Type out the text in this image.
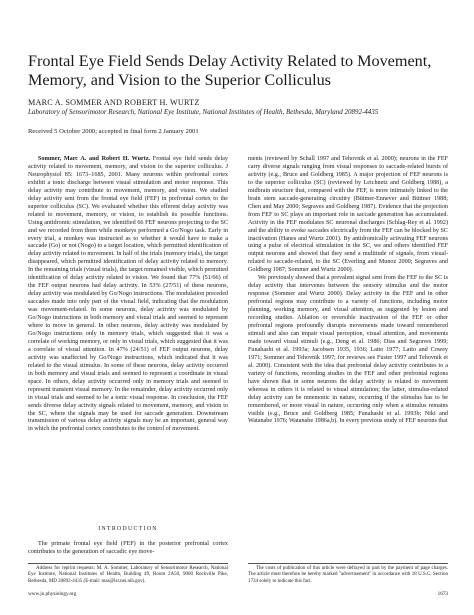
Frontal Eye Field Sends Delay Activity Related to Movement, Memory, and Vision to the Superior Colliculus

MARC A. SOMMER AND ROBERT H. WURTZ

Laboratory of Sensorimotor Research, National Eye Institute, National Institutes of Health, Bethesda, Maryland 20892-4435

Received 5 October 2000; accepted in final form 2 January 2001

Sommer, Marc A. and Robert H. Wurtz. Frontal eye field sends delay activity related to movement, memory, and vision to the superior colliculus. J Neurophysiol 85: 1673–1685, 2001. Many neurons within prefrontal cortex exhibit a tonic discharge between visual stimulation and motor response. This delay activity may contribute to movement, memory, and vision. We studied delay activity sent from the frontal eye field (FEF) in prefrontal cortex to the superior colliculus (SC). We evaluated whether this efferent delay activity was related to movement, memory, or vision, to establish its possible functions. Using antidromic stimulation, we identified 66 FEF neurons projecting to the SC and we recorded from them while monkeys performed a Go/Nogo task. Early in every trial, a monkey was instructed as to whether it would have to make a saccade (Go) or not (Nogo) to a target location, which permitted identification of delay activity related to movement. In half of the trials (memory trials), the target disappeared, which permitted identification of delay activity related to memory. In the remaining trials (visual trials), the target remained visible, which permitted identification of delay activity related to vision. We found that 77% (51/66) of the FEF output neurons had delay activity. In 53% (27/51) of these neurons, delay activity was modulated by Go/Nogo instructions. The modulation preceded saccades made into only part of the visual field, indicating that the modulation was movement-related. In some neurons, delay activity was modulated by Go/Nogo instructions in both memory and visual trials and seemed to represent where to move in general. In other neurons, delay activity was modulated by Go/Nogo instructions only in memory trials, which suggested that it was a correlate of working memory, or only in visual trials, which suggested that it was a correlate of visual attention. In 47% (24/51) of FEF output neurons, delay activity was unaffected by Go/Nogo instructions, which indicated that it was related to the visual stimulus. In some of these neurons, delay activity occurred in both memory and visual trials and seemed to represent a coordinate in visual space. In others, delay activity occurred only in memory trials and seemed to represent transient visual memory. In the remainder, delay activity occurred only in visual trials and seemed to be a tonic visual response. In conclusion, the FEF sends diverse delay activity signals related to movement, memory, and vision to the SC, where the signals may be used for saccade generation. Downstream transmission of various delay activity signals may be an important, general way in which the prefrontal cortex contributes to the control of movement.

INTRODUCTION

The primate frontal eye field (FEF) in the posterior prefrontal cortex contributes to the generation of saccadic eye move-

ments (reviewed by Schall 1997 and Tehovnik et al. 2000); neurons in the FEF carry diverse signals ranging from visual responses to saccade-related bursts of activity (e.g., Bruce and Goldberg 1985). A major projection of FEF neurons is to the superior colliculus (SC) (reviewed by Leichnetz and Goldberg 1988), a midbrain structure that, compared with the FEF, is more intimately linked to the brain stem saccade-generating circuitry (Büttner-Ennever and Büttner 1988; Chen and May 2000; Segraves and Goldberg 1987). Evidence that the projection from FEF to SC plays an important role in saccade generation has accumulated. Activity in the FEF modulates SC neuronal discharges (Schlag-Rey et al. 1992) and the ability to evoke saccades electrically from the FEF can be blocked by SC inactivation (Hanes and Wurtz 2001). By antidromically activating FEF neurons using a pulse of electrical stimulation in the SC, we and others identified FEF output neurons and showed that they send a multitude of signals, from visual-related to saccade-related, to the SC (Everling and Munoz 2000; Segraves and Goldberg 1987; Sommer and Wurtz 2000).

We previously showed that a prevalent signal sent from the FEF to the SC is delay activity that intervenes between the sensory stimulus and the motor response (Sommer and Wurtz 2000). Delay activity in the FEF and in other prefrontal regions may contribute to a variety of functions, including motor planning, working memory, and visual attention, as suggested by lesion and recording studies. Ablation or reversible inactivation of the FEF or other prefrontal regions profoundly disrupts movements made toward remembered stimuli and also can impair visual perception, visual attention, and movements made toward visual stimuli (e.g., Deng et al. 1986; Dias and Segraves 1999; Funahashi et al. 1993a; Jacobsen 1935, 1936; Latto 1977; Latto and Cowey 1971; Sommer and Tehovnik 1997; for reviews see Fuster 1997 and Tehovnik et al. 2000). Consistent with the idea that prefrontal delay activity contributes to a variety of functions, recording studies in the FEF and other prefrontal regions have shown that in some neurons the delay activity is related to movement whereas in others it is related to visual stimulation; the latter, stimulus-related delay activity can be mnemonic in nature, occurring if the stimulus has to be remembered, or more visual in nature, occurring only when a stimulus remains visible (e.g., Bruce and Goldberg 1985; Funahashi et al. 1993b; Niki and Watanabe 1976; Watanabe 1986a,b). In every previous study of FEF neurons that

Address for reprint requests: M. A. Sommer, Laboratory of Sensorimotor Research, National Eye Institute, National Institutes of Health, Building 49, Room 2A50, 9000 Rockville Pike, Bethesda, MD 20892-4435 (E-mail: mas@lsr.nei.nih.gov).

The costs of publication of this article were defrayed in part by the payment of page charges. The article must therefore be hereby marked "advertisement" in accordance with 18 U.S.C. Section 1734 solely to indicate this fact.

www.jn.physiology.org	1673
